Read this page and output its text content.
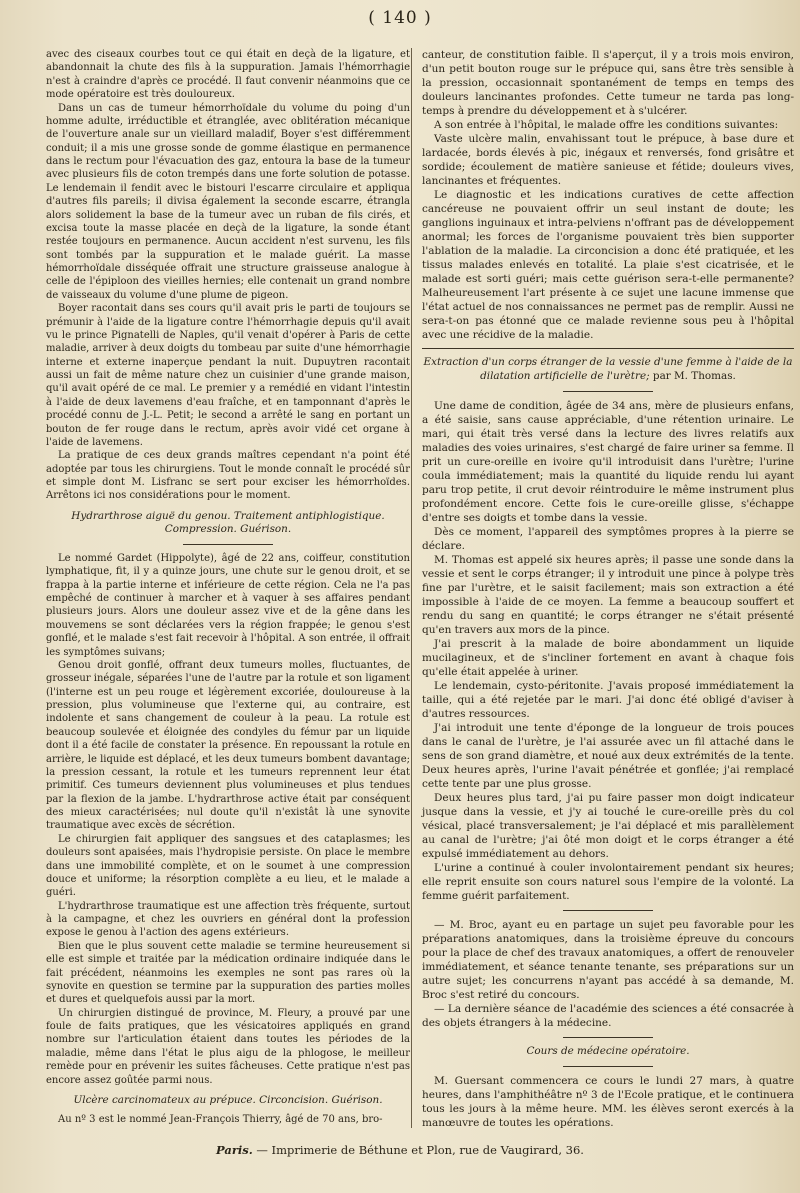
( 140 )

avec des ciseaux courbes tout ce qui était en deçà de la ligature, et abandonnait la chute des fils à la suppuration. Jamais l'hémorrhagie n'est à craindre d'après ce procédé. Il faut convenir néanmoins que ce mode opératoire est très douloureux.

Dans un cas de tumeur hémorrhoïdale du volume du poing d'un homme adulte, irréductible et étranglée, avec oblitération mécanique de l'ouverture anale sur un vieillard maladif, Boyer s'est différemment conduit; il a mis une grosse sonde de gomme élastique en permanence dans le rectum pour l'évacuation des gaz, entoura la base de la tumeur avec plusieurs fils de coton trempés dans une forte solution de potasse. Le lendemain il fendit avec le bistouri l'escarre circulaire et appliqua d'autres fils pareils; il divisa également la seconde escarre, étrangla alors solidement la base de la tumeur avec un ruban de fils cirés, et excisa toute la masse placée en deçà de la ligature, la sonde étant restée toujours en permanence. Aucun accident n'est survenu, les fils sont tombés par la suppuration et le malade guérit. La masse hémorrhoïdale disséquée offrait une structure graisseuse analogue à celle de l'épiploon des vieilles hernies; elle contenait un grand nombre de vaisseaux du volume d'une plume de pigeon.

Boyer racontait dans ses cours qu'il avait pris le parti de toujours se prémunir à l'aide de la ligature contre l'hémorrhagie depuis qu'il avait vu le prince Pignatelli de Naples, qu'il venait d'opérer à Paris de cette maladie, arriver à deux doigts du tombeau par suite d'une hémorrhagie interne et externe inaperçue pendant la nuit. Dupuytren racontait aussi un fait de même nature chez un cuisinier d'une grande maison, qu'il avait opéré de ce mal. Le premier y a remédié en vidant l'intestin à l'aide de deux lavemens d'eau fraîche, et en tamponnant d'après le procédé connu de J.-L. Petit; le second a arrêté le sang en portant un bouton de fer rouge dans le rectum, après avoir vidé cet organe à l'aide de lavemens.

La pratique de ces deux grands maîtres cependant n'a point été adoptée par tous les chirurgiens. Tout le monde connaît le procédé sûr et simple dont M. Lisfranc se sert pour exciser les hémorrhoïdes. Arrêtons ici nos considérations pour le moment.

Hydrarthrose aiguë du genou. Traitement antiphlogistique. Compression. Guérison.

Le nommé Gardet (Hippolyte), âgé de 22 ans, coiffeur, constitution lymphatique, fit, il y a quinze jours, une chute sur le genou droit, et se frappa à la partie interne et inférieure de cette région. Cela ne l'a pas empêché de continuer à marcher et à vaquer à ses affaires pendant plusieurs jours. Alors une douleur assez vive et de la gêne dans les mouvemens se sont déclarées vers la région frappée; le genou s'est gonflé, et le malade s'est fait recevoir à l'hôpital. A son entrée, il offrait les symptômes suivans;

Genou droit gonflé, offrant deux tumeurs molles, fluctuantes, de grosseur inégale, séparées l'une de l'autre par la rotule et son ligament (l'interne est un peu rouge et légèrement excoriée, douloureuse à la pression, plus volumineuse que l'externe qui, au contraire, est indolente et sans changement de couleur à la peau. La rotule est beaucoup soulevée et éloignée des condyles du fémur par un liquide dont il a été facile de constater la présence. En repoussant la rotule en arrière, le liquide est déplacé, et les deux tumeurs bombent davantage; la pression cessant, la rotule et les tumeurs reprennent leur état primitif. Ces tumeurs deviennent plus volumineuses et plus tendues par la flexion de la jambe. L'hydrarthrose active était par conséquent des mieux caractérisées; nul doute qu'il n'existât là une synovite traumatique avec excès de sécrétion.

Le chirurgien fait appliquer des sangsues et des cataplasmes; les douleurs sont apaisées, mais l'hydropisie persiste. On place le membre dans une immobilité complète, et on le soumet à une compression douce et uniforme; la résorption complète a eu lieu, et le malade a guéri.

L'hydrarthrose traumatique est une affection très fréquente, surtout à la campagne, et chez les ouvriers en général dont la profession expose le genou à l'action des agens extérieurs.

Bien que le plus souvent cette maladie se termine heureusement si elle est simple et traitée par la médication ordinaire indiquée dans le fait précédent, néanmoins les exemples ne sont pas rares où la synovite en question se termine par la suppuration des parties molles et dures et quelquefois aussi par la mort.

Un chirurgien distingué de province, M. Fleury, a prouvé par une foule de faits pratiques, que les vésicatoires appliqués en grand nombre sur l'articulation étaient dans toutes les périodes de la maladie, même dans l'état le plus aigu de la phlogose, le meilleur remède pour en prévenir les suites fâcheuses. Cette pratique n'est pas encore assez goûtée parmi nous.

Ulcère carcinomateux au prépuce. Circoncision. Guérison.

Au nº 3 est le nommé Jean-François Thierry, âgé de 70 ans, bro-

canteur, de constitution faible. Il s'aperçut, il y a trois mois environ, d'un petit bouton rouge sur le prépuce qui, sans être très sensible à la pression, occasionnait spontanément de temps en temps des douleurs lancinantes profondes. Cette tumeur ne tarda pas long-temps à prendre du développement et à s'ulcérer.

A son entrée à l'hôpital, le malade offre les conditions suivantes:

Vaste ulcère malin, envahissant tout le prépuce, à base dure et lardacée, bords élevés à pic, inégaux et renversés, fond grisâtre et sordide; écoulement de matière sanieuse et fétide; douleurs vives, lancinantes et fréquentes.

Le diagnostic et les indications curatives de cette affection cancéreuse ne pouvaient offrir un seul instant de doute; les ganglions inguinaux et intra-pelviens n'offrant pas de développement anormal; les forces de l'organisme pouvaient très bien supporter l'ablation de la maladie. La circoncision a donc été pratiquée, et les tissus malades enlevés en totalité. La plaie s'est cicatrisée, et le malade est sorti guéri; mais cette guérison sera-t-elle permanente? Malheureusement l'art présente à ce sujet une lacune immense que l'état actuel de nos connaissances ne permet pas de remplir. Aussi ne sera-t-on pas étonné que ce malade revienne sous peu à l'hôpital avec une récidive de la maladie.

Extraction d'un corps étranger de la vessie d'une femme à l'aide de la dilatation artificielle de l'urètre; par M. Thomas.

Une dame de condition, âgée de 34 ans, mère de plusieurs enfans, a été saisie, sans cause appréciable, d'une rétention urinaire. Le mari, qui était très versé dans la lecture des livres relatifs aux maladies des voies urinaires, s'est chargé de faire uriner sa femme. Il prit un cure-oreille en ivoire qu'il introduisit dans l'urètre; l'urine coula immédiatement; mais la quantité du liquide rendu lui ayant paru trop petite, il crut devoir réintroduire le même instrument plus profondément encore. Cette fois le cure-oreille glisse, s'échappe d'entre ses doigts et tombe dans la vessie.

Dès ce moment, l'appareil des symptômes propres à la pierre se déclare.

M. Thomas est appelé six heures après; il passe une sonde dans la vessie et sent le corps étranger; il y introduit une pince à polype très fine par l'urètre, et le saisit facilement; mais son extraction a été impossible à l'aide de ce moyen. La femme a beaucoup souffert et rendu du sang en quantité; le corps étranger ne s'était présenté qu'en travers aux mors de la pince.

J'ai prescrit à la malade de boire abondamment un liquide mucilagineux, et de s'incliner fortement en avant à chaque fois qu'elle était appelée à uriner.

Le lendemain, cysto-péritonite. J'avais proposé immédiatement la taille, qui a été rejetée par le mari. J'ai donc été obligé d'aviser à d'autres ressources.

J'ai introduit une tente d'éponge de la longueur de trois pouces dans le canal de l'urètre, je l'ai assurée avec un fil attaché dans le sens de son grand diamètre, et noué aux deux extrémités de la tente. Deux heures après, l'urine l'avait pénétrée et gonflée; j'ai remplacé cette tente par une plus grosse.

Deux heures plus tard, j'ai pu faire passer mon doigt indicateur jusque dans la vessie, et j'y ai touché le cure-oreille près du col vésical, placé transversalement; je l'ai déplacé et mis parallèlement au canal de l'urètre; j'ai ôté mon doigt et le corps étranger a été expulsé immédiatement au dehors.

L'urine a continué à couler involontairement pendant six heures; elle reprit ensuite son cours naturel sous l'empire de la volonté. La femme guérit parfaitement.

— M. Broc, ayant eu en partage un sujet peu favorable pour les préparations anatomiques, dans la troisième épreuve du concours pour la place de chef des travaux anatomiques, a offert de renouveler immédiatement, et séance tenante tenante, ses préparations sur un autre sujet; les concurrens n'ayant pas accédé à sa demande, M. Broc s'est retiré du concours.

— La dernière séance de l'académie des sciences a été consacrée à des objets étrangers à la médecine.

Cours de médecine opératoire.

M. Guersant commencera ce cours le lundi 27 mars, à quatre heures, dans l'amphithéâtre nº 3 de l'Ecole pratique, et le continuera tous les jours à la même heure. MM. les élèves seront exercés à la manœuvre de toutes les opérations.

Paris. — Imprimerie de Béthune et Plon, rue de Vaugirard, 36.
